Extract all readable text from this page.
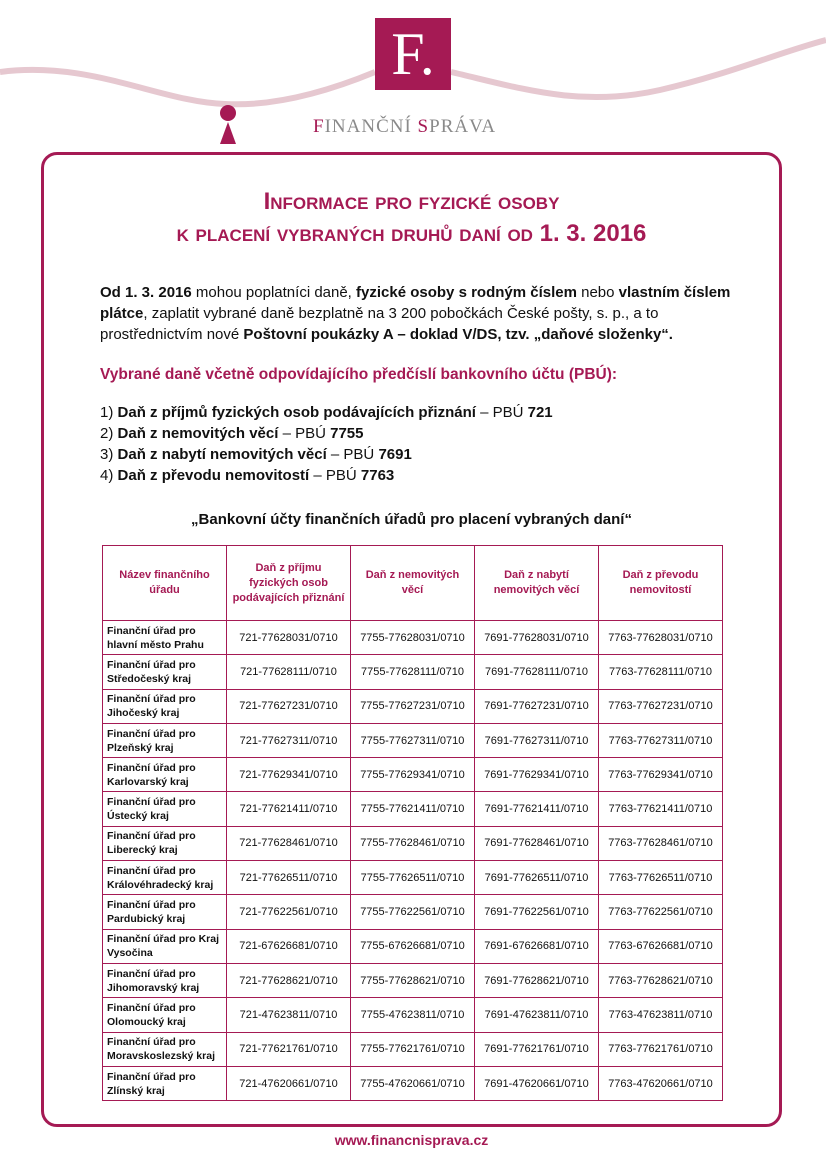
F.
FINANČNÍ SPRÁVA
Informace pro fyzické osoby
k placení vybraných druhů daní od 1. 3. 2016
Od 1. 3. 2016 mohou poplatníci daně, fyzické osoby s rodným číslem nebo vlastním číslem plátce, zaplatit vybrané daně bezplatně na 3 200 pobočkách České pošty, s. p., a to prostřednictvím nové Poštovní poukázky A – doklad V/DS, tzv. „daňové složenky“.
Vybrané daně včetně odpovídajícího předčíslí bankovního účtu (PBÚ):
1) Daň z příjmů fyzických osob podávajících přiznání – PBÚ 721
2) Daň z nemovitých věcí – PBÚ 7755
3) Daň z nabytí nemovitých věcí – PBÚ 7691
4) Daň z převodu nemovitostí – PBÚ 7763
„Bankovní účty finančních úřadů pro placení vybraných daní“
Název finančního úřadu	Daň z příjmu fyzických osob podávajících přiznání	Daň z nemovitých věcí	Daň z nabytí nemovitých věcí	Daň z převodu nemovitostí
Finanční úřad pro hlavní město Prahu	721-77628031/0710	7755-77628031/0710	7691-77628031/0710	7763-77628031/0710
Finanční úřad pro Středočeský kraj	721-77628111/0710	7755-77628111/0710	7691-77628111/0710	7763-77628111/0710
Finanční úřad pro Jihočeský kraj	721-77627231/0710	7755-77627231/0710	7691-77627231/0710	7763-77627231/0710
Finanční úřad pro Plzeňský kraj	721-77627311/0710	7755-77627311/0710	7691-77627311/0710	7763-77627311/0710
Finanční úřad pro Karlovarský kraj	721-77629341/0710	7755-77629341/0710	7691-77629341/0710	7763-77629341/0710
Finanční úřad pro Ústecký kraj	721-77621411/0710	7755-77621411/0710	7691-77621411/0710	7763-77621411/0710
Finanční úřad pro Liberecký kraj	721-77628461/0710	7755-77628461/0710	7691-77628461/0710	7763-77628461/0710
Finanční úřad pro Královéhradecký kraj	721-77626511/0710	7755-77626511/0710	7691-77626511/0710	7763-77626511/0710
Finanční úřad pro Pardubický kraj	721-77622561/0710	7755-77622561/0710	7691-77622561/0710	7763-77622561/0710
Finanční úřad pro Kraj Vysočina	721-67626681/0710	7755-67626681/0710	7691-67626681/0710	7763-67626681/0710
Finanční úřad pro Jihomoravský kraj	721-77628621/0710	7755-77628621/0710	7691-77628621/0710	7763-77628621/0710
Finanční úřad pro Olomoucký kraj	721-47623811/0710	7755-47623811/0710	7691-47623811/0710	7763-47623811/0710
Finanční úřad pro Moravskoslezský kraj	721-77621761/0710	7755-77621761/0710	7691-77621761/0710	7763-77621761/0710
Finanční úřad pro Zlínský kraj	721-47620661/0710	7755-47620661/0710	7691-47620661/0710	7763-47620661/0710
www.financnisprava.cz
